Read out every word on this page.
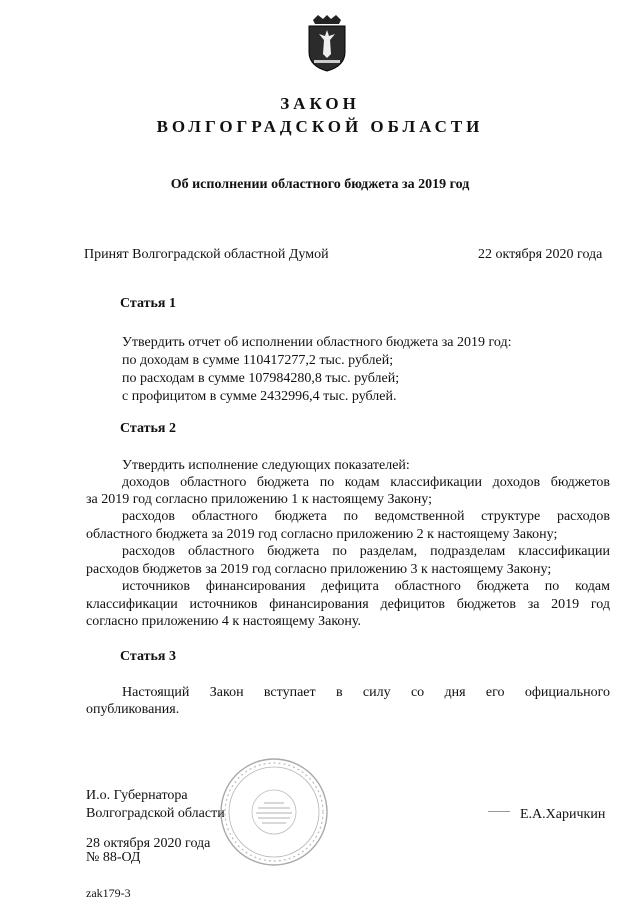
ЗАКОН
ВОЛГОГРАДСКОЙ ОБЛАСТИ
Об исполнении областного бюджета за 2019 год
Принят Волгоградской областной Думой	22 октября 2020 года
Статья 1
Утвердить отчет об исполнении областного бюджета за 2019 год:
по доходам в сумме 110417277,2 тыс. рублей;
по расходам в сумме 107984280,8 тыс. рублей;
с профицитом в сумме 2432996,4 тыс. рублей.
Статья 2
Утвердить исполнение следующих показателей:
доходов областного бюджета по кодам классификации доходов бюджетов
за 2019 год согласно приложению 1 к настоящему Закону;
расходов областного бюджета по ведомственной структуре расходов
областного бюджета за 2019 год согласно приложению 2 к настоящему Закону;
расходов областного бюджета по разделам, подразделам классификации
расходов бюджетов за 2019 год согласно приложению 3 к настоящему Закону;
источников финансирования дефицита областного бюджета по кодам
классификации источников финансирования дефицитов бюджетов за 2019 год
согласно приложению 4 к настоящему Закону.
Статья 3
Настоящий Закон вступает в силу со дня его официального
опубликования.
И.о. Губернатора
Волгоградской области	Е.А.Харичкин
28 октября 2020 года
№ 88-ОД
zak179-3
